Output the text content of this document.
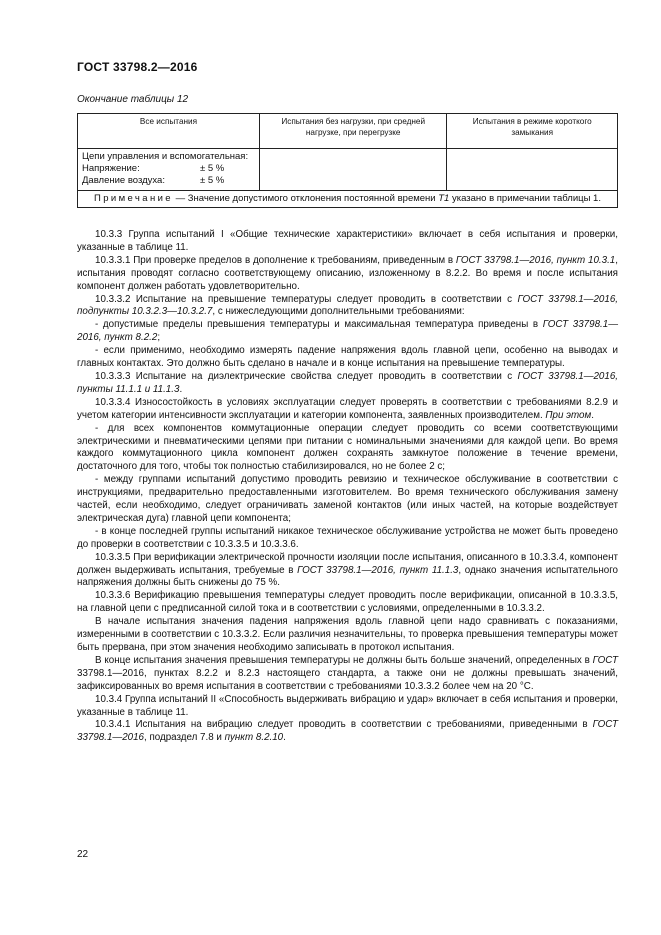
ГОСТ 33798.2—2016
Окончание таблицы 12
Все испытания	Испытания без нагрузки, при средней нагрузке, при перегрузке	Испытания в режиме короткого замыкания

Цепи управления и вспомогательная:
Напряжение: ± 5 %
Давление воздуха: ± 5 %		

Примечание — Значение допустимого отклонения постоянной времени T1 указано в примечании таблицы 1.		

10.3.3 Группа испытаний I «Общие технические характеристики» включает в себя испытания и проверки, указанные в таблице 11.

10.3.3.1 При проверке пределов в дополнение к требованиям, приведенным в ГОСТ 33798.1—2016, пункт 10.3.1, испытания проводят согласно соответствующему описанию, изложенному в 8.2.2. Во время и после испытания компонент должен работать удовлетворительно.

10.3.3.2 Испытание на превышение температуры следует проводить в соответствии с ГОСТ 33798.1—2016, подпункты 10.3.2.3—10.3.2.7, с нижеследующими дополнительными требованиями:

- допустимые пределы превышения температуры и максимальная температура приведены в ГОСТ 33798.1—2016, пункт 8.2.2;

- если применимо, необходимо измерять падение напряжения вдоль главной цепи, особенно на выводах и главных контактах. Это должно быть сделано в начале и в конце испытания на превышение температуры.

10.3.3.3 Испытание на диэлектрические свойства следует проводить в соответствии с ГОСТ 33798.1—2016, пункты 11.1.1 и 11.1.3.

10.3.3.4 Износостойкость в условиях эксплуатации следует проверять в соответствии с требованиями 8.2.9 и учетом категории интенсивности эксплуатации и категории компонента, заявленных производителем. При этом.

- для всех компонентов коммутационные операции следует проводить со всеми соответствующими электрическими и пневматическими цепями при питании с номинальными значениями для каждой цепи. Во время каждого коммутационного цикла компонент должен сохранять замкнутое положение в течение времени, достаточного для того, чтобы ток полностью стабилизировался, но не более 2 с;

- между группами испытаний допустимо проводить ревизию и техническое обслуживание в соответствии с инструкциями, предварительно предоставленными изготовителем. Во время технического обслуживания замену частей, если необходимо, следует ограничивать заменой контактов (или иных частей, на которые воздействует электрическая дуга) главной цепи компонента;

- в конце последней группы испытаний никакое техническое обслуживание устройства не может быть проведено до проверки в соответствии с 10.3.3.5 и 10.3.3.6.

10.3.3.5 При верификации электрической прочности изоляции после испытания, описанного в 10.3.3.4, компонент должен выдерживать испытания, требуемые в ГОСТ 33798.1—2016, пункт 11.1.3, однако значения испытательного напряжения должны быть снижены до 75 %.

10.3.3.6 Верификацию превышения температуры следует проводить после верификации, описанной в 10.3.3.5, на главной цепи с предписанной силой тока и в соответствии с условиями, определенными в 10.3.3.2.

В начале испытания значения падения напряжения вдоль главной цепи надо сравнивать с показаниями, измеренными в соответствии с 10.3.3.2. Если различия незначительны, то проверка превышения температуры может быть прервана, при этом значения необходимо записывать в протокол испытания.

В конце испытания значения превышения температуры не должны быть больше значений, определенных в ГОСТ 33798.1—2016, пунктах 8.2.2 и 8.2.3 настоящего стандарта, а также они не должны превышать значений, зафиксированных во время испытания в соответствии с требованиями 10.3.3.2 более чем на 20 °С.

10.3.4 Группа испытаний II «Способность выдерживать вибрацию и удар» включает в себя испытания и проверки, указанные в таблице 11.

10.3.4.1 Испытания на вибрацию следует проводить в соответствии с требованиями, приведенными в ГОСТ 33798.1—2016, подраздел 7.8 и пункт 8.2.10.

22
